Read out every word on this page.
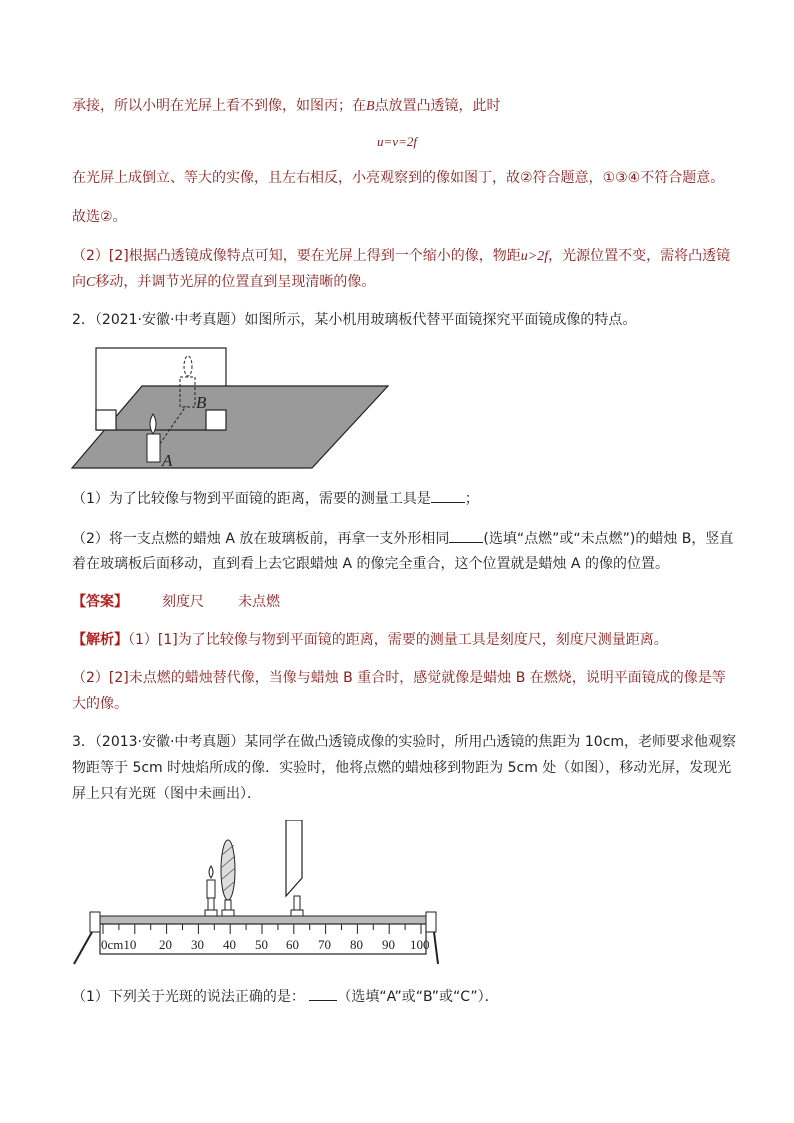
承接，所以小明在光屏上看不到像，如图丙；在B点放置凸透镜，此时
u=v=2f
在光屏上成倒立、等大的实像，且左右相反，小亮观察到的像如图丁，故②符合题意，①③④不符合题意。
故选②。
（2）[2]根据凸透镜成像特点可知，要在光屏上得到一个缩小的像，物距u>2f，光源位置不变，需将凸透镜
向C移动，并调节光屏的位置直到呈现清晰的像。
2．（2021·安徽·中考真题）如图所示，某小机用玻璃板代替平面镜探究平面镜成像的特点。
B
A
（1）为了比较像与物到平面镜的距离，需要的测量工具是 ；
（2）将一支点燃的蜡烛 A 放在玻璃板前，再拿一支外形相同 (选填“点燃”或“未点燃”)的蜡烛 B，竖直
着在玻璃板后面移动，直到看上去它跟蜡烛 A 的像完全重合，这个位置就是蜡烛 A 的像的位置。
【答案】 刻度尺 未点燃
【解析】（1）[1]为了比较像与物到平面镜的距离，需要的测量工具是刻度尺，刻度尺测量距离。
（2）[2]未点燃的蜡烛替代像，当像与蜡烛 B 重合时，感觉就像是蜡烛 B 在燃烧，说明平面镜成的像是等
大的像。
3．（2013·安徽·中考真题）某同学在做凸透镜成像的实验时，所用凸透镜的焦距为 10cm，老师要求他观察
物距等于 5cm 时烛焰所成的像．实验时，他将点燃的蜡烛移到物距为 5cm 处（如图），移动光屏，发现光
屏上只有光斑（图中未画出）．
0cm10 20 30 40 50 60 70 80 90 100
（1）下列关于光斑的说法正确的是： （选填“A”或“B”或“C”）．
